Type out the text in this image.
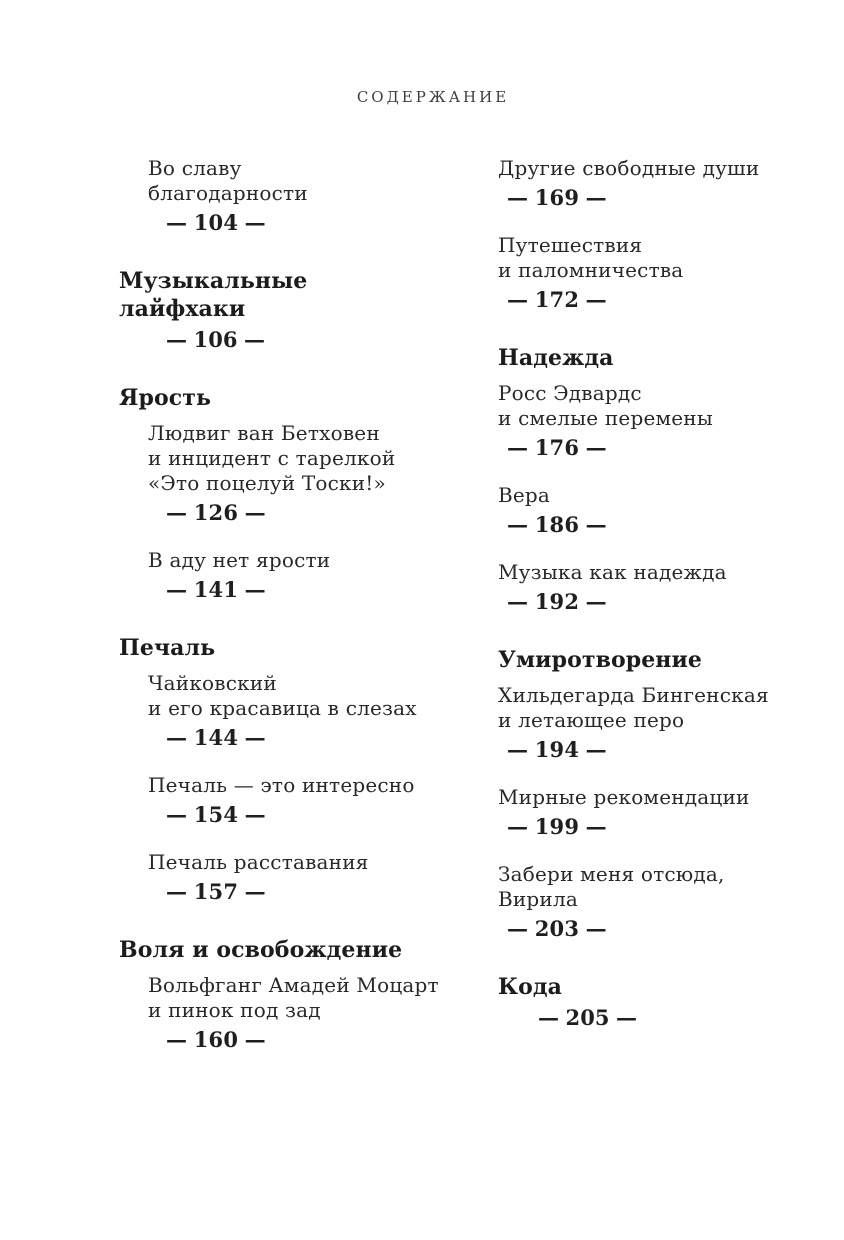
СОДЕРЖАНИЕ
Во славу
благодарности
— 104 —
Музыкальные
лайфхаки
— 106 —
Ярость
Людвиг ван Бетховен
и инцидент с тарелкой
«Это поцелуй Тоски!»
— 126 —
В аду нет ярости
— 141 —
Печаль
Чайковский
и его красавица в слезах
— 144 —
Печаль — это интересно
— 154 —
Печаль расставания
— 157 —
Воля и освобождение
Вольфганг Амадей Моцарт
и пинок под зад
— 160 —
Другие свободные души
— 169 —
Путешествия
и паломничества
— 172 —
Надежда
Росс Эдвардс
и смелые перемены
— 176 —
Вера
— 186 —
Музыка как надежда
— 192 —
Умиротворение
Хильдегарда Бингенская
и летающее перо
— 194 —
Мирные рекомендации
— 199 —
Забери меня отсюда,
Вирила
— 203 —
Кода
— 205 —
